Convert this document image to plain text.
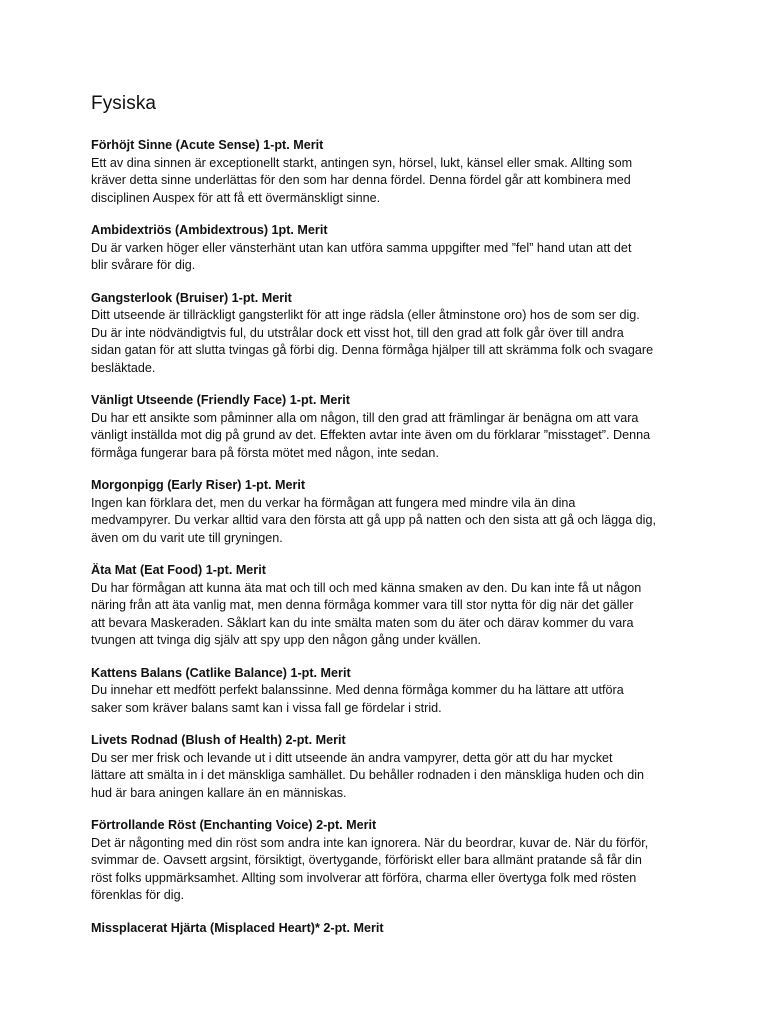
Fysiska

Förhöjt Sinne (Acute Sense) 1-pt. Merit

Ett av dina sinnen är exceptionellt starkt, antingen syn, hörsel, lukt, känsel eller smak. Allting som
kräver detta sinne underlättas för den som har denna fördel. Denna fördel går att kombinera med
disciplinen Auspex för att få ett övermänskligt sinne.

Ambidextriös (Ambidextrous) 1pt. Merit

Du är varken höger eller vänsterhänt utan kan utföra samma uppgifter med ”fel” hand utan att det
blir svårare för dig.

Gangsterlook (Bruiser) 1-pt. Merit

Ditt utseende är tillräckligt gangsterlikt för att inge rädsla (eller åtminstone oro) hos de som ser dig.
Du är inte nödvändigtvis ful, du utstrålar dock ett visst hot, till den grad att folk går över till andra
sidan gatan för att slutta tvingas gå förbi dig. Denna förmåga hjälper till att skrämma folk och svagare
besläktade.

Vänligt Utseende (Friendly Face) 1-pt. Merit

Du har ett ansikte som påminner alla om någon, till den grad att främlingar är benägna om att vara
vänligt inställda mot dig på grund av det. Effekten avtar inte även om du förklarar ”misstaget”. Denna
förmåga fungerar bara på första mötet med någon, inte sedan.

Morgonpigg (Early Riser) 1-pt. Merit

Ingen kan förklara det, men du verkar ha förmågan att fungera med mindre vila än dina
medvampyrer. Du verkar alltid vara den första att gå upp på natten och den sista att gå och lägga dig,
även om du varit ute till gryningen.

Äta Mat (Eat Food) 1-pt. Merit

Du har förmågan att kunna äta mat och till och med känna smaken av den. Du kan inte få ut någon
näring från att äta vanlig mat, men denna förmåga kommer vara till stor nytta för dig när det gäller
att bevara Maskeraden. Såklart kan du inte smälta maten som du äter och därav kommer du vara
tvungen att tvinga dig själv att spy upp den någon gång under kvällen.

Kattens Balans (Catlike Balance) 1-pt. Merit

Du innehar ett medfött perfekt balanssinne. Med denna förmåga kommer du ha lättare att utföra
saker som kräver balans samt kan i vissa fall ge fördelar i strid.

Livets Rodnad (Blush of Health) 2-pt. Merit

Du ser mer frisk och levande ut i ditt utseende än andra vampyrer, detta gör att du har mycket
lättare att smälta in i det mänskliga samhället. Du behåller rodnaden i den mänskliga huden och din
hud är bara aningen kallare än en människas.

Förtrollande Röst (Enchanting Voice) 2-pt. Merit

Det är någonting med din röst som andra inte kan ignorera. När du beordrar, kuvar de. När du förför,
svimmar de. Oavsett argsint, försiktigt, övertygande, förföriskt eller bara allmänt pratande så får din
röst folks uppmärksamhet. Allting som involverar att förföra, charma eller övertyga folk med rösten
förenklas för dig.

Missplacerat Hjärta (Misplaced Heart)* 2-pt. Merit
